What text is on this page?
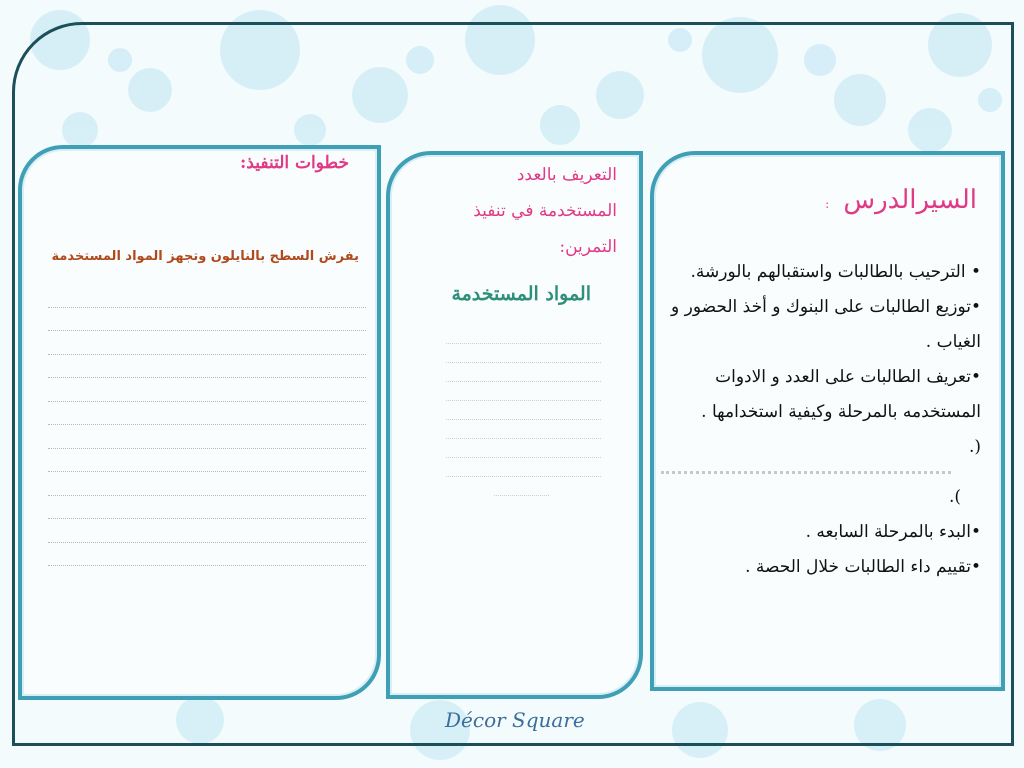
السيرالدرس :
• الترحيب بالطالبات واستقبالهم بالورشة.
•توزيع الطالبات على البنوك و أخذ الحضور و الغياب .
•تعريف الطالبات على العدد و الادوات المستخدمه بالمرحلة وكيفية استخدامها .
(.
).
•البدء بالمرحلة السابعه .
•تقييم داء الطالبات خلال الحصة .
التعريف بالعدد المستخدمة في تنفيذ التمرين:
المواد المستخدمة
خطوات التنفيذ:
يفرش السطح بالنايلون وتجهز المواد المستخدمة
Décor Square
